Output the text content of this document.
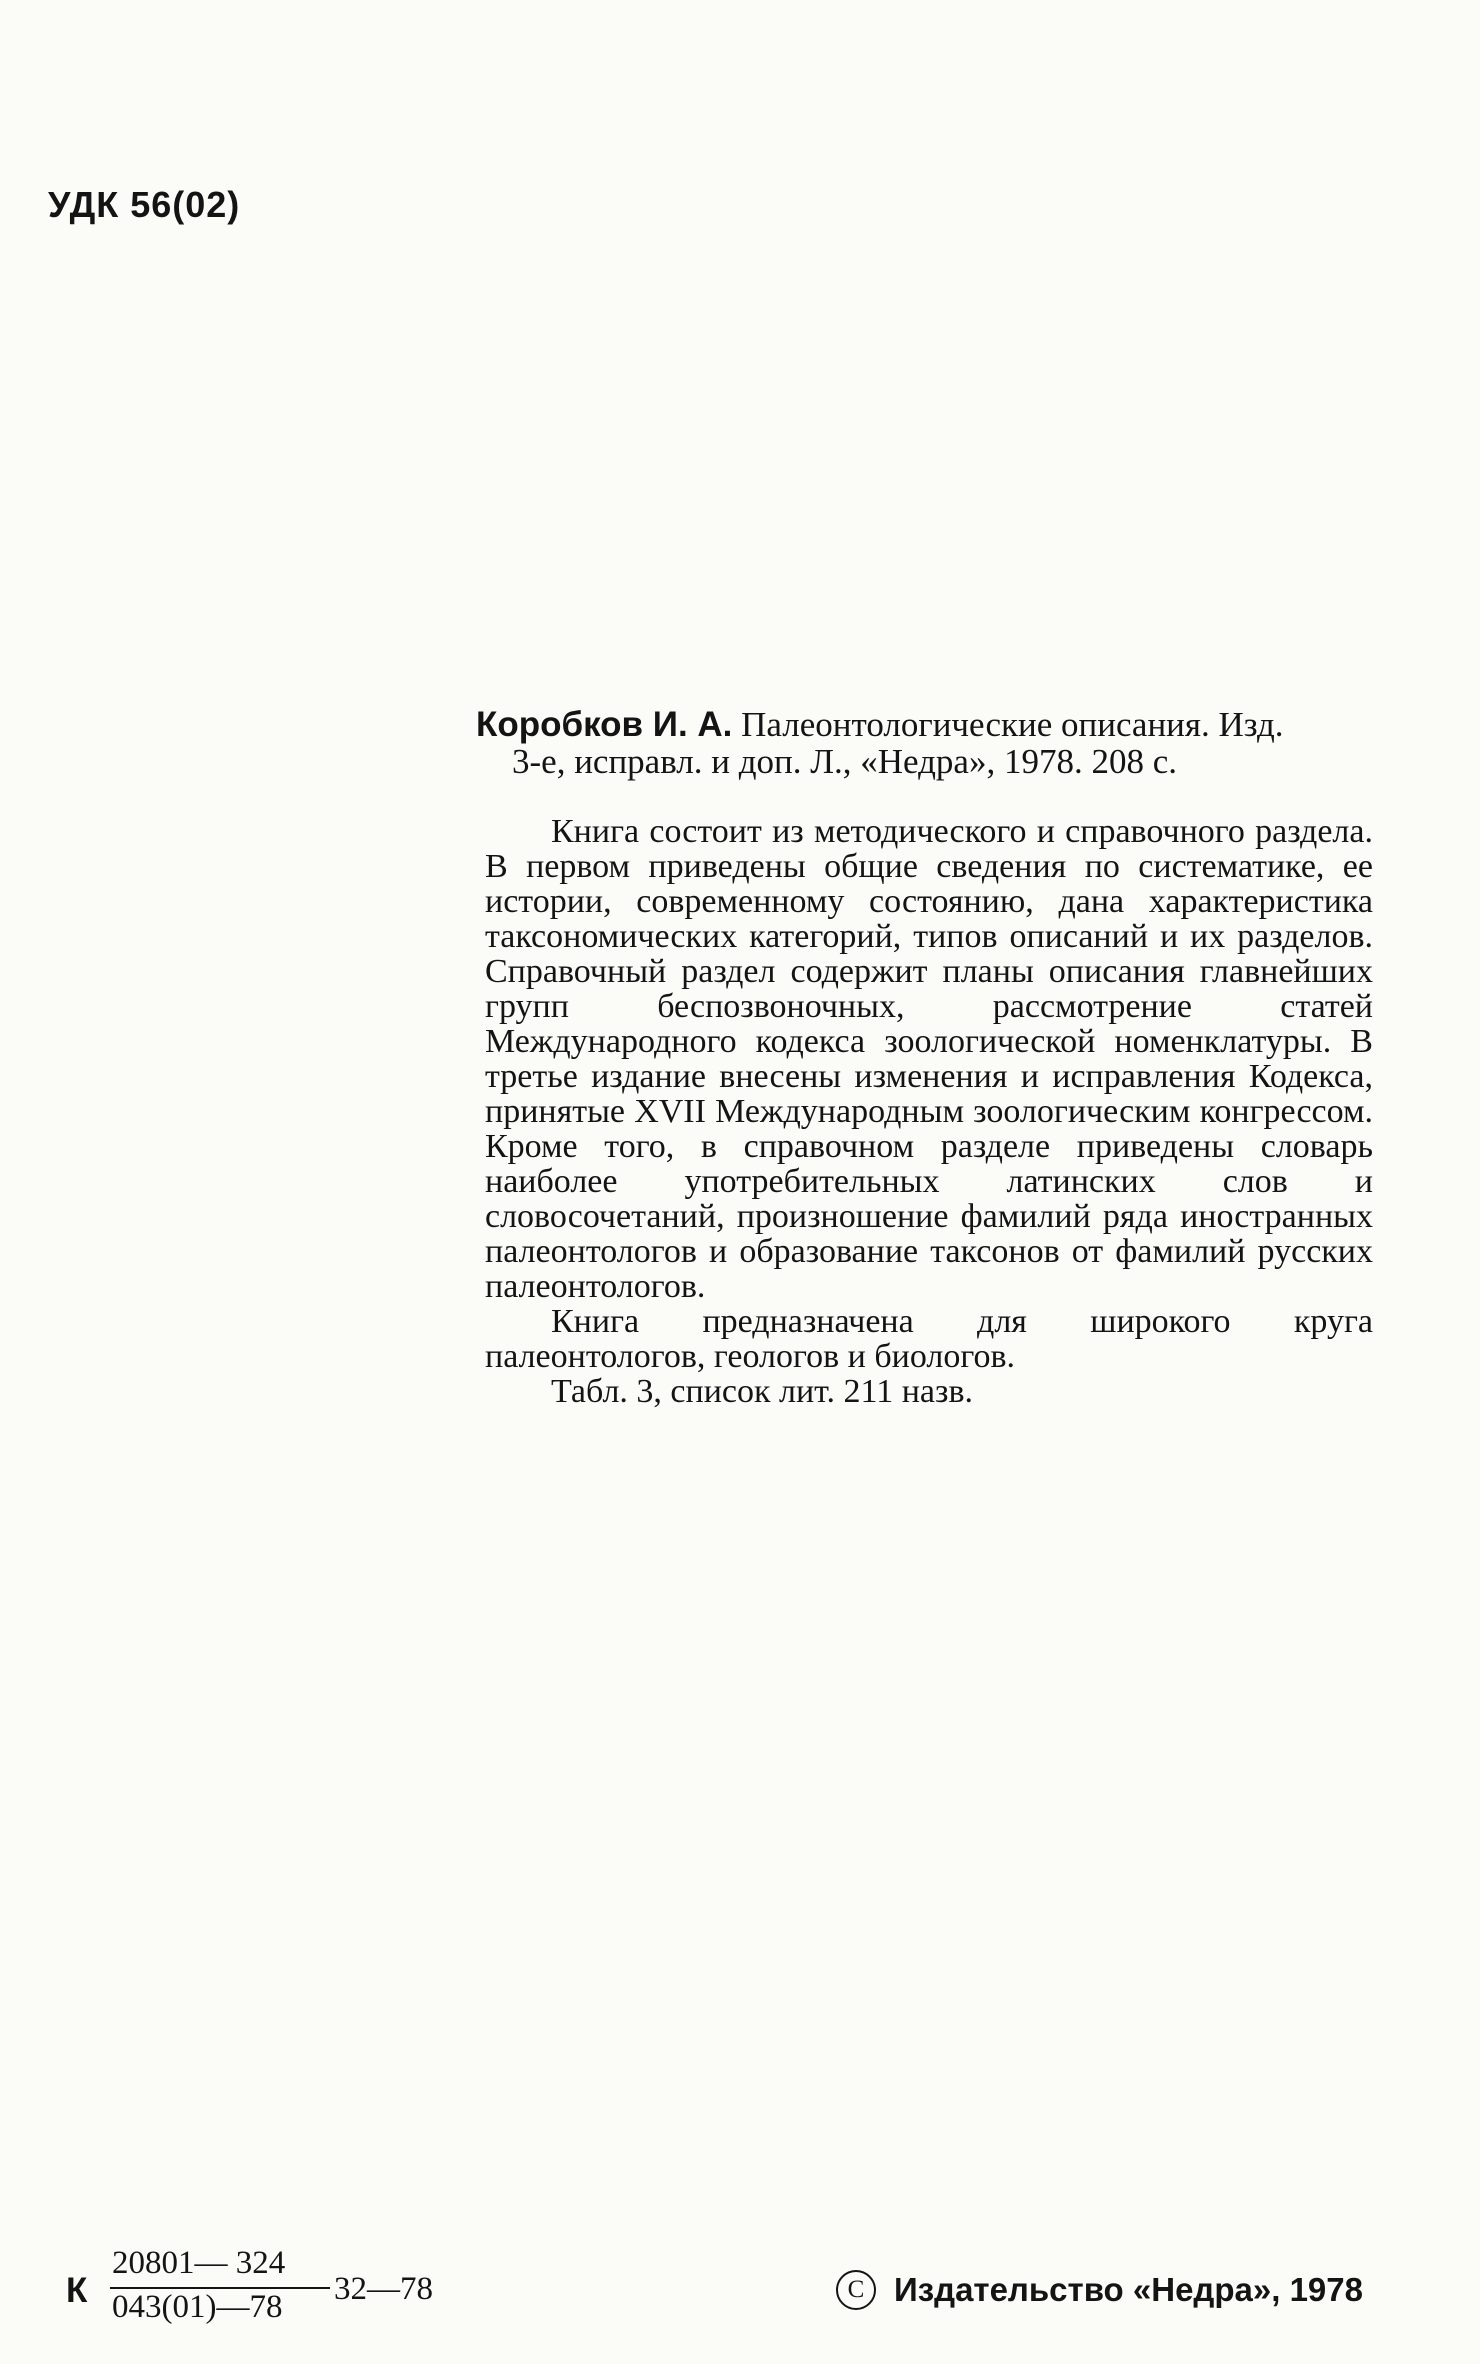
УДК 56(02)
Коробков И. А. Палеонтологические описания. Изд.
3-е, исправл. и доп. Л., «Недра», 1978. 208 с.

Книга состоит из методического и справочного раздела. В первом приведены общие сведения по систематике, ее истории, современному состоянию, дана характеристика таксономических категорий, типов описаний и их разделов. Справочный раздел содержит планы описания главнейших групп беспозвоночных, рассмотрение статей Международного кодекса зоологической номенклатуры. В третье издание внесены изменения и исправления Кодекса, принятые XVII Международным зоологическим конгрессом. Кроме того, в справочном разделе приведены словарь наиболее употребительных латинских слов и словосочетаний, произношение фамилий ряда иностранных палеонтологов и образование таксонов от фамилий русских палеонтологов.

Книга предназначена для широкого круга палеонтологов, геологов и биологов.

Табл. 3, список лит. 211 назв.

К
20801— 324
043(01)—78 32—78	C Издательство «Недра», 1978
